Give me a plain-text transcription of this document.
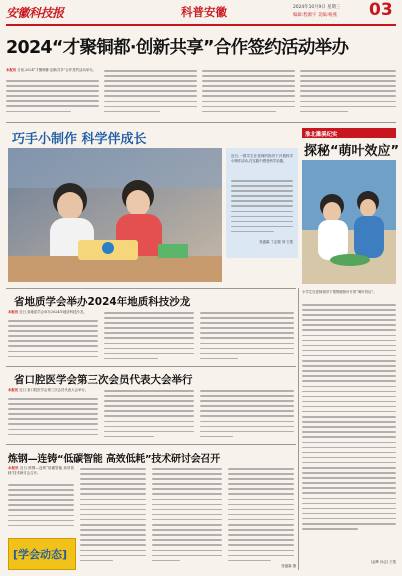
安徽科技报	科普安徽	2024年10月9日 星期三
编辑:程源宇 美编:杨燕 03
2024“才聚铜都·创新共享”合作签约活动举办
本报讯 日前,2024“才聚铜都·创新共享”合作签约活动举办。
巧手小制作 科学伴成长
近日,一群学生在老师的指导下开展科学小制作活动,在实践中感受科学乐趣。
张盛霖 丁志强 刘·王报
淮北濉溪纪实
探秘“萌叶效应”
小学生在老师指导下观察植物叶片的“萌叶效应”。
(金辉 孙志) 王报
省地质学会举办2024年地质科技沙龙
本报讯 近日,省地质学会举办2024年地质科技沙龙。
省口腔医学会第三次会员代表大会举行
本报讯 近日,省口腔医学会第三次会员代表大会举行。
炼钢—连铸“低碳智能 高效低耗”技术研讨会召开
本报讯 近日,炼钢—连铸“低碳智能 高效低耗”技术研讨会召开。
[学会动态]
张盛霖 摄
